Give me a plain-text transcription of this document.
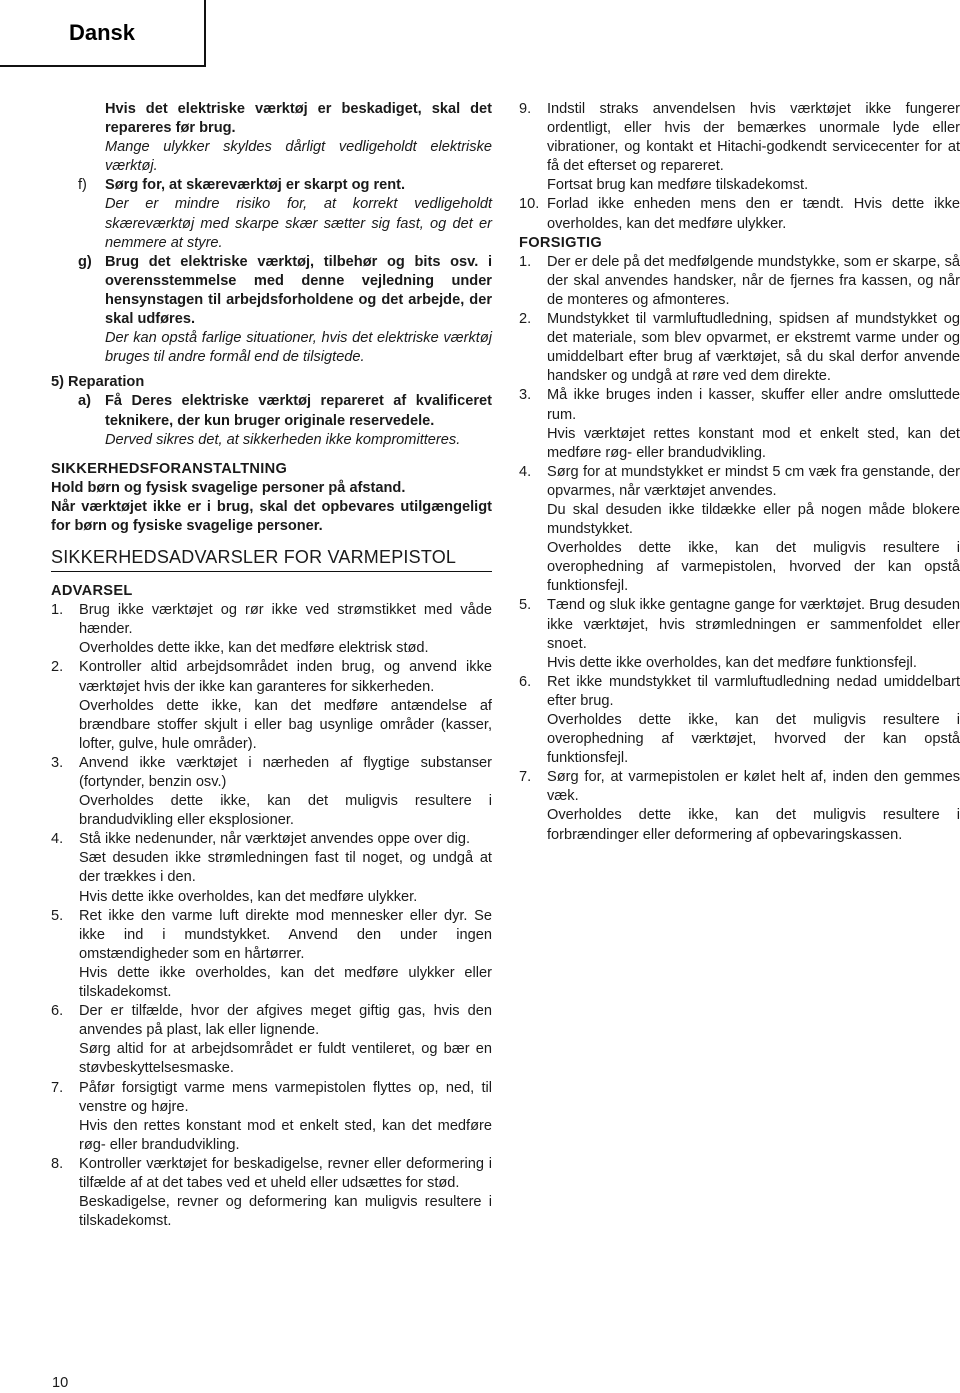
Dansk

Hvis det elektriske værktøj er beskadiget, skal det repareres før brug.

Mange ulykker skyldes dårligt vedligeholdt elektriske værktøj.

f) Sørg for, at skæreværktøj er skarpt og rent.

Der er mindre risiko for, at korrekt vedligeholdt skæreværktøj med skarpe skær sætter sig fast, og det er nemmere at styre.

g) Brug det elektriske værktøj, tilbehør og bits osv. i overensstemmelse med denne vejledning under hensynstagen til arbejdsforholdene og det arbejde, der skal udføres.

Der kan opstå farlige situationer, hvis det elektriske værktøj bruges til andre formål end de tilsigtede.

5) Reparation

a) Få Deres elektriske værktøj repareret af kvalificeret teknikere, der kun bruger originale reservedele.

Derved sikres det, at sikkerheden ikke kompromitteres.

SIKKERHEDSFORANSTALTNING

Hold børn og fysisk svagelige personer på afstand.

Når værktøjet ikke er i brug, skal det opbevares utilgængeligt for børn og fysiske svagelige personer.

SIKKERHEDSADVARSLER FOR VARMEPISTOL

ADVARSEL

1. Brug ikke værktøjet og rør ikke ved strømstikket med våde hænder.

Overholdes dette ikke, kan det medføre elektrisk stød.

2. Kontroller altid arbejdsområdet inden brug, og anvend ikke værktøjet hvis der ikke kan garanteres for sikkerheden.

Overholdes dette ikke, kan det medføre antændelse af brændbare stoffer skjult i eller bag usynlige områder (kasser, lofter, gulve, hule områder).

3. Anvend ikke værktøjet i nærheden af flygtige substanser (fortynder, benzin osv.)

Overholdes dette ikke, kan det muligvis resultere i brandudvikling eller eksplosioner.

4. Stå ikke nedenunder, når værktøjet anvendes oppe over dig.

Sæt desuden ikke strømledningen fast til noget, og undgå at der trækkes i den.

Hvis dette ikke overholdes, kan det medføre ulykker.

5. Ret ikke den varme luft direkte mod mennesker eller dyr. Se ikke ind i mundstykket. Anvend den under ingen omstændigheder som en hårtørrer.

Hvis dette ikke overholdes, kan det medføre ulykker eller tilskadekomst.

6. Der er tilfælde, hvor der afgives meget giftig gas, hvis den anvendes på plast, lak eller lignende.

Sørg altid for at arbejdsområdet er fuldt ventileret, og bær en støvbeskyttelsesmaske.

7. Påfør forsigtigt varme mens varmepistolen flyttes op, ned, til venstre og højre.

Hvis den rettes konstant mod et enkelt sted, kan det medføre røg- eller brandudvikling.

8. Kontroller værktøjet for beskadigelse, revner eller deformering i tilfælde af at det tabes ved et uheld eller udsættes for stød.

Beskadigelse, revner og deformering kan muligvis resultere i tilskadekomst.

9. Indstil straks anvendelsen hvis værktøjet ikke fungerer ordentligt, eller hvis der bemærkes unormale lyde eller vibrationer, og kontakt et Hitachi-godkendt servicecenter for at få det efterset og repareret.

Fortsat brug kan medføre tilskadekomst.

10. Forlad ikke enheden mens den er tændt. Hvis dette ikke overholdes, kan det medføre ulykker.

FORSIGTIG

1. Der er dele på det medfølgende mundstykke, som er skarpe, så der skal anvendes handsker, når de fjernes fra kassen, og når de monteres og afmonteres.

2. Mundstykket til varmluftudledning, spidsen af mundstykket og det materiale, som blev opvarmet, er ekstremt varme under og umiddelbart efter brug af værktøjet, så du skal derfor anvende handsker og undgå at røre ved dem direkte.

3. Må ikke bruges inden i kasser, skuffer eller andre omsluttede rum.

Hvis værktøjet rettes konstant mod et enkelt sted, kan det medføre røg- eller brandudvikling.

4. Sørg for at mundstykket er mindst 5 cm væk fra genstande, der opvarmes, når værktøjet anvendes.

Du skal desuden ikke tildække eller på nogen måde blokere mundstykket.

Overholdes dette ikke, kan det muligvis resultere i overophedning af varmepistolen, hvorved der kan opstå funktionsfejl.

5. Tænd og sluk ikke gentagne gange for værktøjet. Brug desuden ikke værktøjet, hvis strømledningen er sammenfoldet eller snoet.

Hvis dette ikke overholdes, kan det medføre funktionsfejl.

6. Ret ikke mundstykket til varmluftudledning nedad umiddelbart efter brug.

Overholdes dette ikke, kan det muligvis resultere i overophedning af værktøjet, hvorved der kan opstå funktionsfejl.

7. Sørg for, at varmepistolen er kølet helt af, inden den gemmes væk.

Overholdes dette ikke, kan det muligvis resultere i forbrændinger eller deformering af opbevaringskassen.

10
